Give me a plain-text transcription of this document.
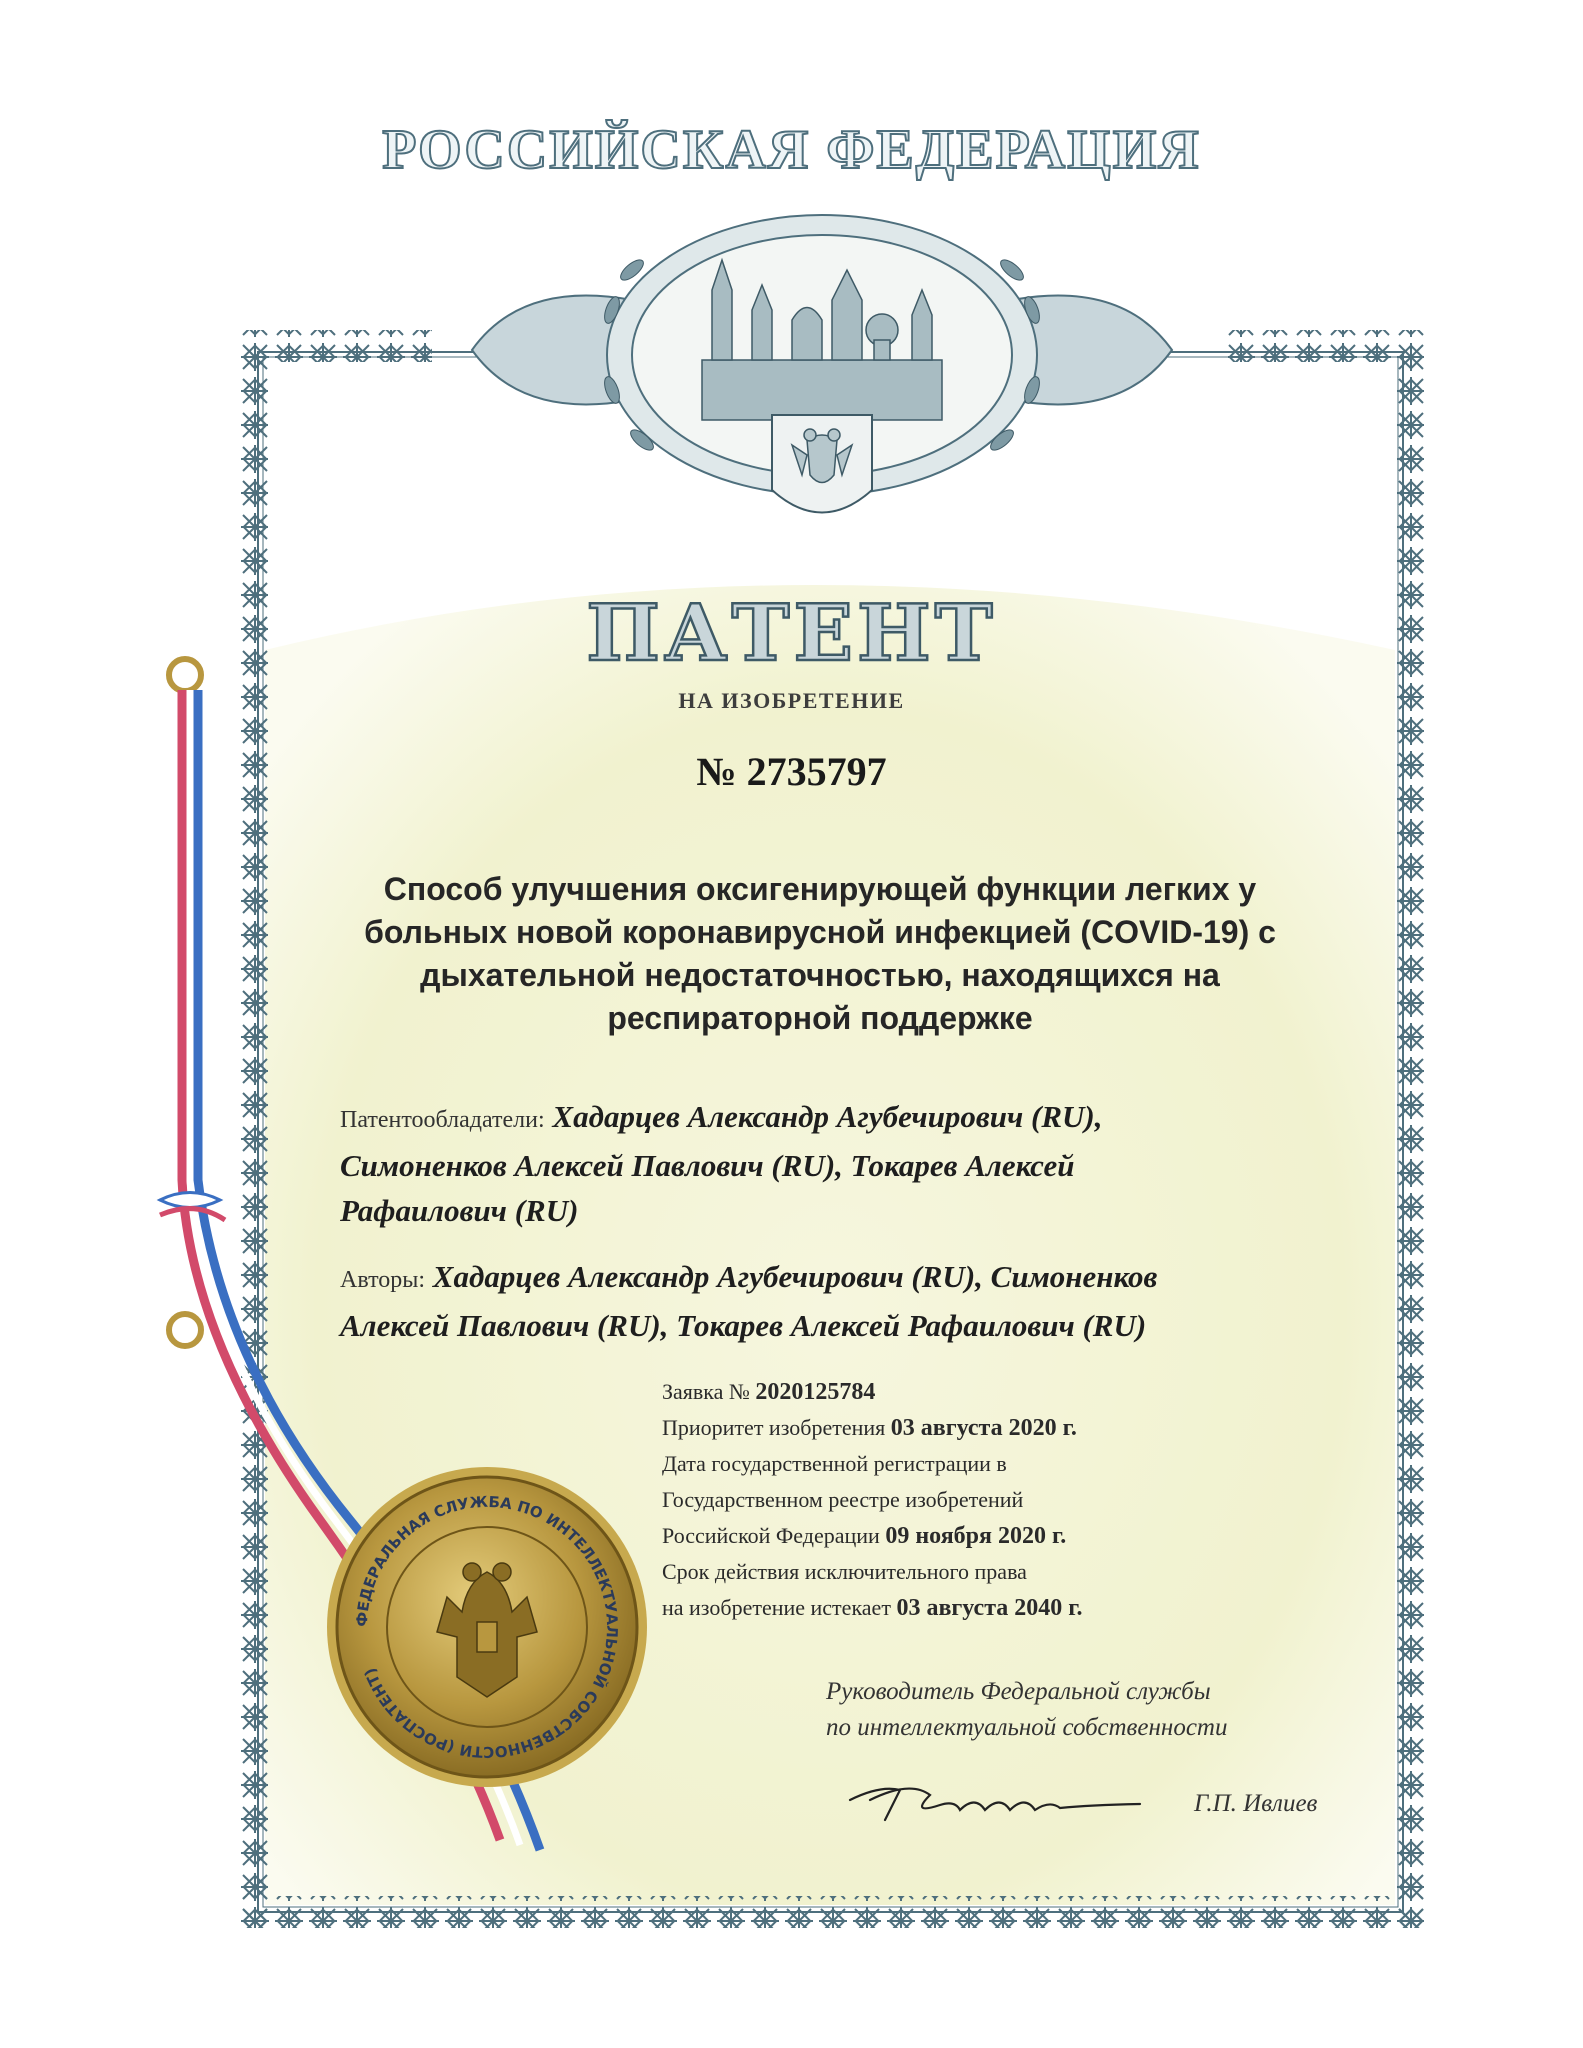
РОССИЙСКАЯ ФЕДЕРАЦИЯ
ПАТЕНТ
НА ИЗОБРЕТЕНИЕ
№ 2735797
Способ улучшения оксигенирующей функции легких у
больных новой коронавирусной инфекцией (COVID-19) с
дыхательной недостаточностью, находящихся на
респираторной поддержке
Патентообладатели: Хадарцев Александр Агубечирович (RU),
Симоненков Алексей Павлович (RU), Токарев Алексей
Рафаилович (RU)
Авторы: Хадарцев Александр Агубечирович (RU), Симоненков
Алексей Павлович (RU), Токарев Алексей Рафаилович (RU)
Заявка № 2020125784
Приоритет изобретения 03 августа 2020 г.
Дата государственной регистрации в
Государственном реестре изобретений
Российской Федерации 09 ноября 2020 г.
Срок действия исключительного права
на изобретение истекает 03 августа 2040 г.
Руководитель Федеральной службы
по интеллектуальной собственности
Г.П. Ивлиев
ФЕДЕРАЛЬНАЯ СЛУЖБА ПО ИНТЕЛЛЕКТУАЛЬНОЙ СОБСТВЕННОСТИ (РОСПАТЕНТ)
